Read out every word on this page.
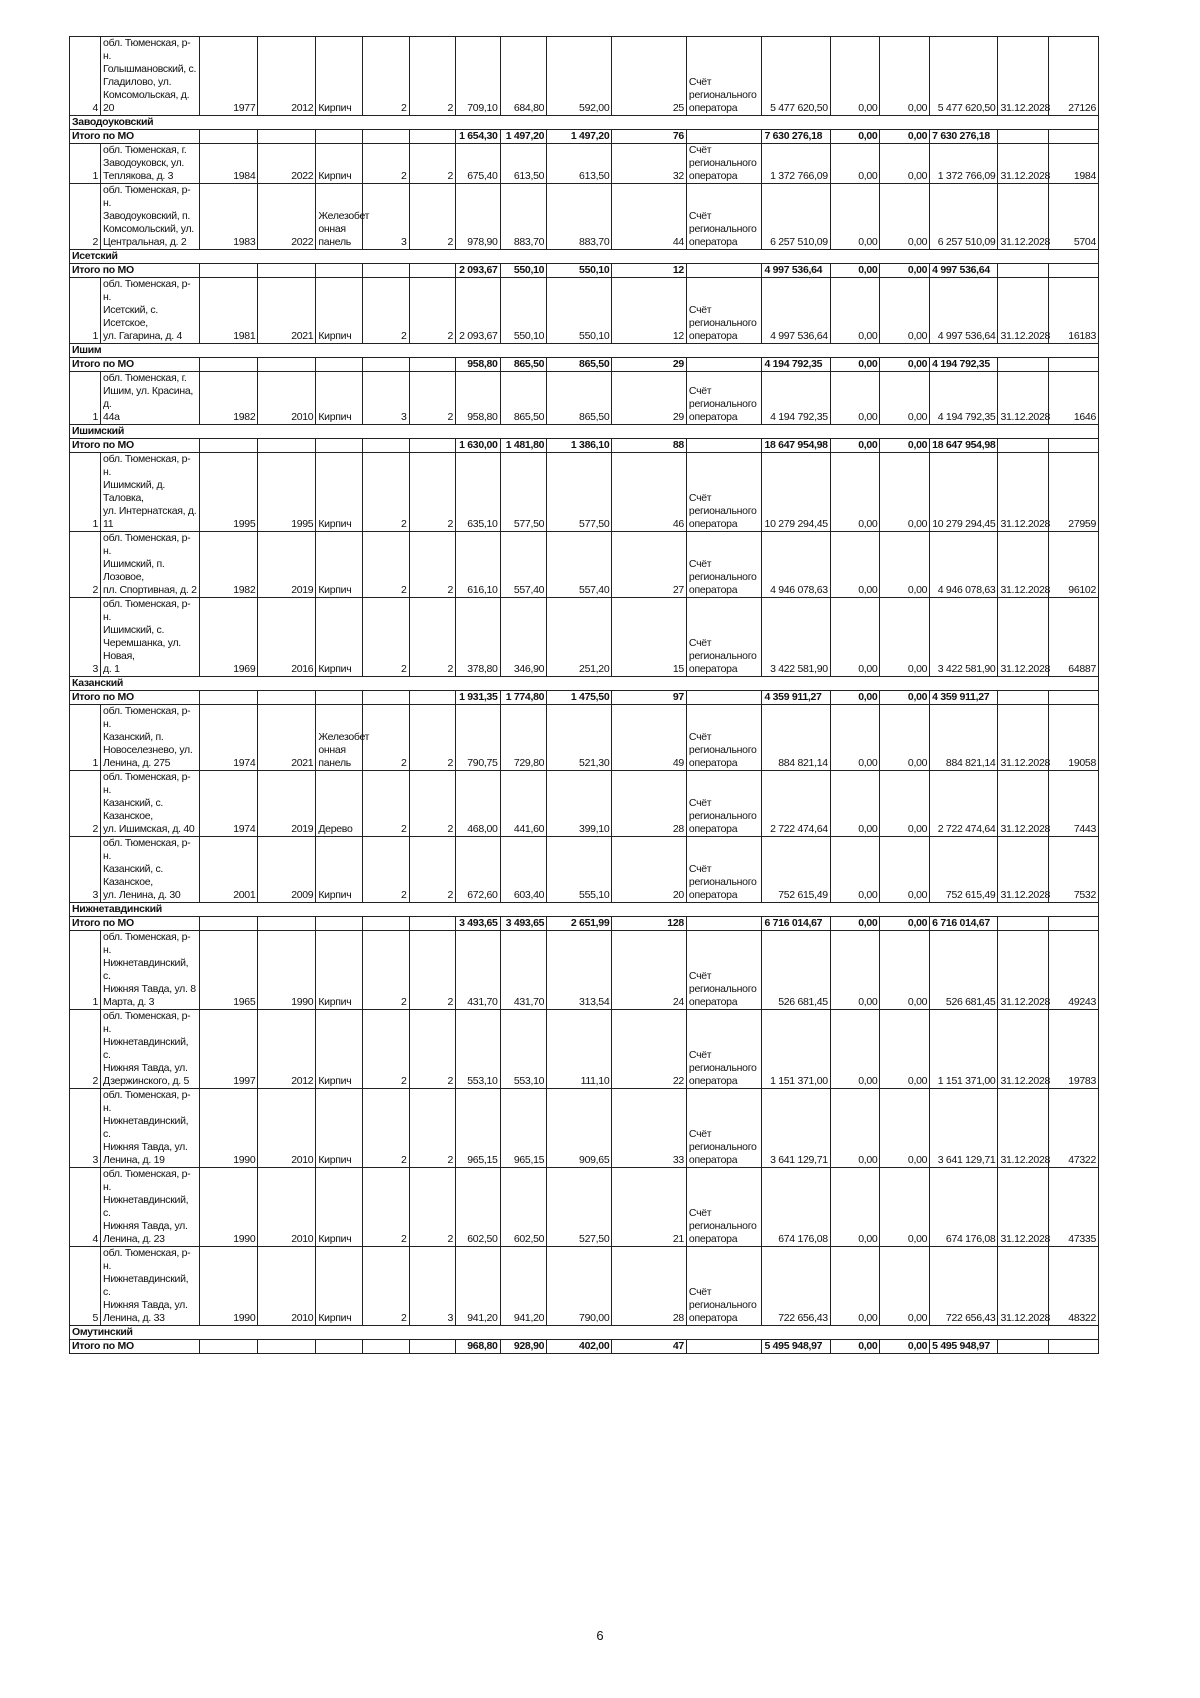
4	обл. Тюменская, р-н.
Голышмановский, с.
Гладилово, ул.
Комсомольская, д. 20	1977	2012	Кирпич	2	2	709,10	684,80	592,00	25	Счёт
регионального
оператора	5 477 620,50	0,00	0,00	5 477 620,50	31.12.2028	27126
Заводоуковский																	
Итого по МО							1 654,30	1 497,20	1 497,20	76		7 630 276,18	0,00	0,00	7 630 276,18		
1	обл. Тюменская, г.
Заводоуковск, ул.
Теплякова, д. 3	1984	2022	Кирпич	2	2	675,40	613,50	613,50	32	Счёт
регионального
оператора	1 372 766,09	0,00	0,00	1 372 766,09	31.12.2028	1984
2	обл. Тюменская, р-н.
Заводоуковский, п.
Комсомольский, ул.
Центральная, д. 2	1983	2022	Железобет
онная
панель	3	2	978,90	883,70	883,70	44	Счёт
регионального
оператора	6 257 510,09	0,00	0,00	6 257 510,09	31.12.2028	5704
Исетский																	
Итого по МО							2 093,67	550,10	550,10	12		4 997 536,64	0,00	0,00	4 997 536,64		
1	обл. Тюменская, р-н.
Исетский, с. Исетское,
ул. Гагарина, д. 4	1981	2021	Кирпич	2	2	2 093,67	550,10	550,10	12	Счёт
регионального
оператора	4 997 536,64	0,00	0,00	4 997 536,64	31.12.2028	16183
Ишим																	
Итого по МО							958,80	865,50	865,50	29		4 194 792,35	0,00	0,00	4 194 792,35		
1	обл. Тюменская, г.
Ишим, ул. Красина, д.
44а	1982	2010	Кирпич	3	2	958,80	865,50	865,50	29	Счёт
регионального
оператора	4 194 792,35	0,00	0,00	4 194 792,35	31.12.2028	1646
Ишимский																	
Итого по МО							1 630,00	1 481,80	1 386,10	88		18 647 954,98	0,00	0,00	18 647 954,98		
1	обл. Тюменская, р-н.
Ишимский, д. Таловка,
ул. Интернатская, д. 11	1995	1995	Кирпич	2	2	635,10	577,50	577,50	46	Счёт
регионального
оператора	10 279 294,45	0,00	0,00	10 279 294,45	31.12.2028	27959
2	обл. Тюменская, р-н.
Ишимский, п. Лозовое,
пл. Спортивная, д. 2	1982	2019	Кирпич	2	2	616,10	557,40	557,40	27	Счёт
регионального
оператора	4 946 078,63	0,00	0,00	4 946 078,63	31.12.2028	96102
3	обл. Тюменская, р-н.
Ишимский, с.
Черемшанка, ул. Новая,
д. 1	1969	2016	Кирпич	2	2	378,80	346,90	251,20	15	Счёт
регионального
оператора	3 422 581,90	0,00	0,00	3 422 581,90	31.12.2028	64887
Казанский																	
Итого по МО							1 931,35	1 774,80	1 475,50	97		4 359 911,27	0,00	0,00	4 359 911,27		
1	обл. Тюменская, р-н.
Казанский, п.
Новоселезнево, ул.
Ленина, д. 275	1974	2021	Железобет
онная
панель	2	2	790,75	729,80	521,30	49	Счёт
регионального
оператора	884 821,14	0,00	0,00	884 821,14	31.12.2028	19058
2	обл. Тюменская, р-н.
Казанский, с. Казанское,
ул. Ишимская, д. 40	1974	2019	Дерево	2	2	468,00	441,60	399,10	28	Счёт
регионального
оператора	2 722 474,64	0,00	0,00	2 722 474,64	31.12.2028	7443
3	обл. Тюменская, р-н.
Казанский, с. Казанское,
ул. Ленина, д. 30	2001	2009	Кирпич	2	2	672,60	603,40	555,10	20	Счёт
регионального
оператора	752 615,49	0,00	0,00	752 615,49	31.12.2028	7532
Нижнетавдинский																	
Итого по МО							3 493,65	3 493,65	2 651,99	128		6 716 014,67	0,00	0,00	6 716 014,67		
1	обл. Тюменская, р-н.
Нижнетавдинский, с.
Нижняя Тавда, ул. 8
Марта, д. 3	1965	1990	Кирпич	2	2	431,70	431,70	313,54	24	Счёт
регионального
оператора	526 681,45	0,00	0,00	526 681,45	31.12.2028	49243
2	обл. Тюменская, р-н.
Нижнетавдинский, с.
Нижняя Тавда, ул.
Дзержинского, д. 5	1997	2012	Кирпич	2	2	553,10	553,10	111,10	22	Счёт
регионального
оператора	1 151 371,00	0,00	0,00	1 151 371,00	31.12.2028	19783
3	обл. Тюменская, р-н.
Нижнетавдинский, с.
Нижняя Тавда, ул.
Ленина, д. 19	1990	2010	Кирпич	2	2	965,15	965,15	909,65	33	Счёт
регионального
оператора	3 641 129,71	0,00	0,00	3 641 129,71	31.12.2028	47322
4	обл. Тюменская, р-н.
Нижнетавдинский, с.
Нижняя Тавда, ул.
Ленина, д. 23	1990	2010	Кирпич	2	2	602,50	602,50	527,50	21	Счёт
регионального
оператора	674 176,08	0,00	0,00	674 176,08	31.12.2028	47335
5	обл. Тюменская, р-н.
Нижнетавдинский, с.
Нижняя Тавда, ул.
Ленина, д. 33	1990	2010	Кирпич	2	3	941,20	941,20	790,00	28	Счёт
регионального
оператора	722 656,43	0,00	0,00	722 656,43	31.12.2028	48322
Омутинский																	
Итого по МО							968,80	928,90	402,00	47		5 495 948,97	0,00	0,00	5 495 948,97		
6
